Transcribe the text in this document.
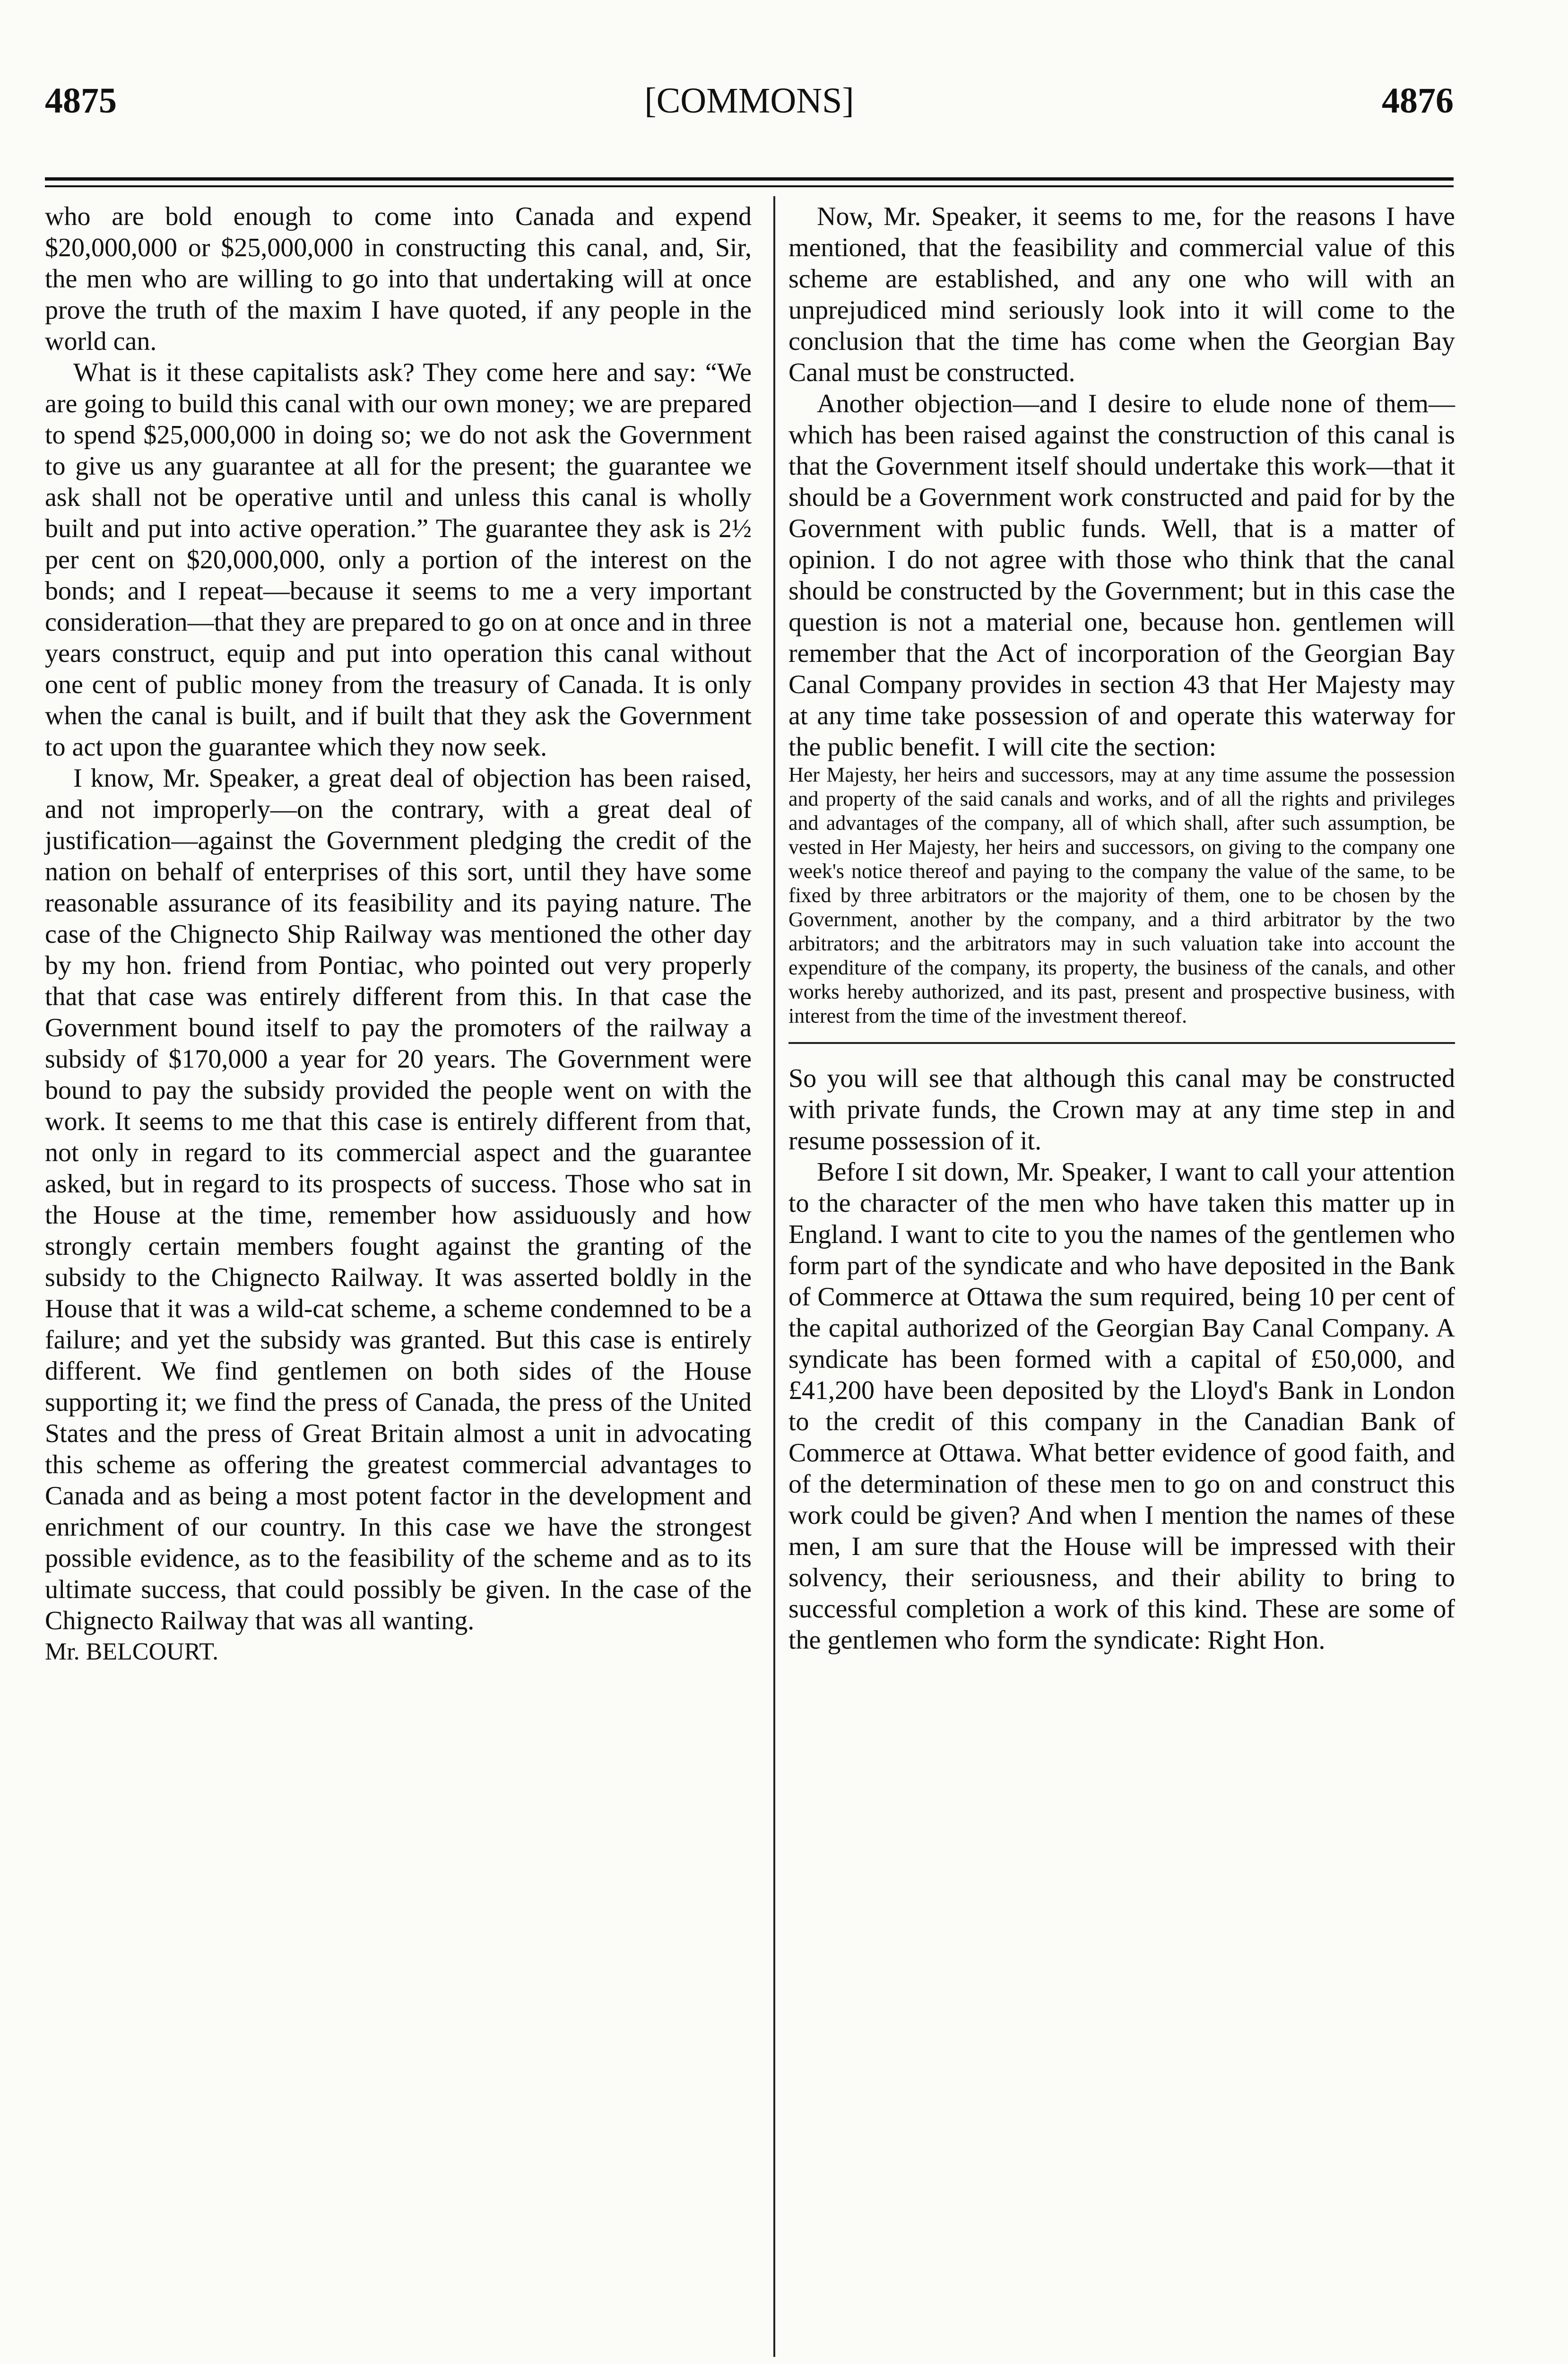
4875	[COMMONS]	4876

who are bold enough to come into Canada and expend $20,000,000 or $25,000,000 in constructing this canal, and, Sir, the men who are willing to go into that undertaking will at once prove the truth of the maxim I have quoted, if any people in the world can.

What is it these capitalists ask? They come here and say: “We are going to build this canal with our own money; we are prepared to spend $25,000,000 in doing so; we do not ask the Government to give us any guarantee at all for the present; the guarantee we ask shall not be operative until and unless this canal is wholly built and put into active operation.” The guarantee they ask is 2½ per cent on $20,000,000, only a portion of the interest on the bonds; and I repeat—because it seems to me a very important consideration—that they are prepared to go on at once and in three years construct, equip and put into operation this canal without one cent of public money from the treasury of Canada. It is only when the canal is built, and if built that they ask the Government to act upon the guarantee which they now seek.

I know, Mr. Speaker, a great deal of objection has been raised, and not improperly—on the contrary, with a great deal of justification—against the Government pledging the credit of the nation on behalf of enterprises of this sort, until they have some reasonable assurance of its feasibility and its paying nature. The case of the Chignecto Ship Railway was mentioned the other day by my hon. friend from Pontiac, who pointed out very properly that that case was entirely different from this. In that case the Government bound itself to pay the promoters of the railway a subsidy of $170,000 a year for 20 years. The Government were bound to pay the subsidy provided the people went on with the work. It seems to me that this case is entirely different from that, not only in regard to its commercial aspect and the guarantee asked, but in regard to its prospects of success. Those who sat in the House at the time, remember how assiduously and how strongly certain members fought against the granting of the subsidy to the Chignecto Railway. It was asserted boldly in the House that it was a wild-cat scheme, a scheme condemned to be a failure; and yet the subsidy was granted. But this case is entirely different. We find gentlemen on both sides of the House supporting it; we find the press of Canada, the press of the United States and the press of Great Britain almost a unit in advocating this scheme as offering the greatest commercial advantages to Canada and as being a most potent factor in the development and enrichment of our country. In this case we have the strongest possible evidence, as to the feasibility of the scheme and as to its ultimate success, that could possibly be given. In the case of the Chignecto Railway that was all wanting.

Mr. BELCOURT.

Now, Mr. Speaker, it seems to me, for the reasons I have mentioned, that the feasibility and commercial value of this scheme are established, and any one who will with an unprejudiced mind seriously look into it will come to the conclusion that the time has come when the Georgian Bay Canal must be constructed.

Another objection—and I desire to elude none of them—which has been raised against the construction of this canal is that the Government itself should undertake this work—that it should be a Government work constructed and paid for by the Government with public funds. Well, that is a matter of opinion. I do not agree with those who think that the canal should be constructed by the Government; but in this case the question is not a material one, because hon. gentlemen will remember that the Act of incorporation of the Georgian Bay Canal Company provides in section 43 that Her Majesty may at any time take possession of and operate this waterway for the public benefit. I will cite the section:

Her Majesty, her heirs and successors, may at any time assume the possession and property of the said canals and works, and of all the rights and privileges and advantages of the company, all of which shall, after such assumption, be vested in Her Majesty, her heirs and successors, on giving to the company one week's notice thereof and paying to the company the value of the same, to be fixed by three arbitrators or the majority of them, one to be chosen by the Government, another by the company, and a third arbitrator by the two arbitrators; and the arbitrators may in such valuation take into account the expenditure of the company, its property, the business of the canals, and other works hereby authorized, and its past, present and prospective business, with interest from the time of the investment thereof.

So you will see that although this canal may be constructed with private funds, the Crown may at any time step in and resume possession of it.

Before I sit down, Mr. Speaker, I want to call your attention to the character of the men who have taken this matter up in England. I want to cite to you the names of the gentlemen who form part of the syndicate and who have deposited in the Bank of Commerce at Ottawa the sum required, being 10 per cent of the capital authorized of the Georgian Bay Canal Company. A syndicate has been formed with a capital of £50,000, and £41,200 have been deposited by the Lloyd's Bank in London to the credit of this company in the Canadian Bank of Commerce at Ottawa. What better evidence of good faith, and of the determination of these men to go on and construct this work could be given? And when I mention the names of these men, I am sure that the House will be impressed with their solvency, their seriousness, and their ability to bring to successful completion a work of this kind. These are some of the gentlemen who form the syndicate: Right Hon.
